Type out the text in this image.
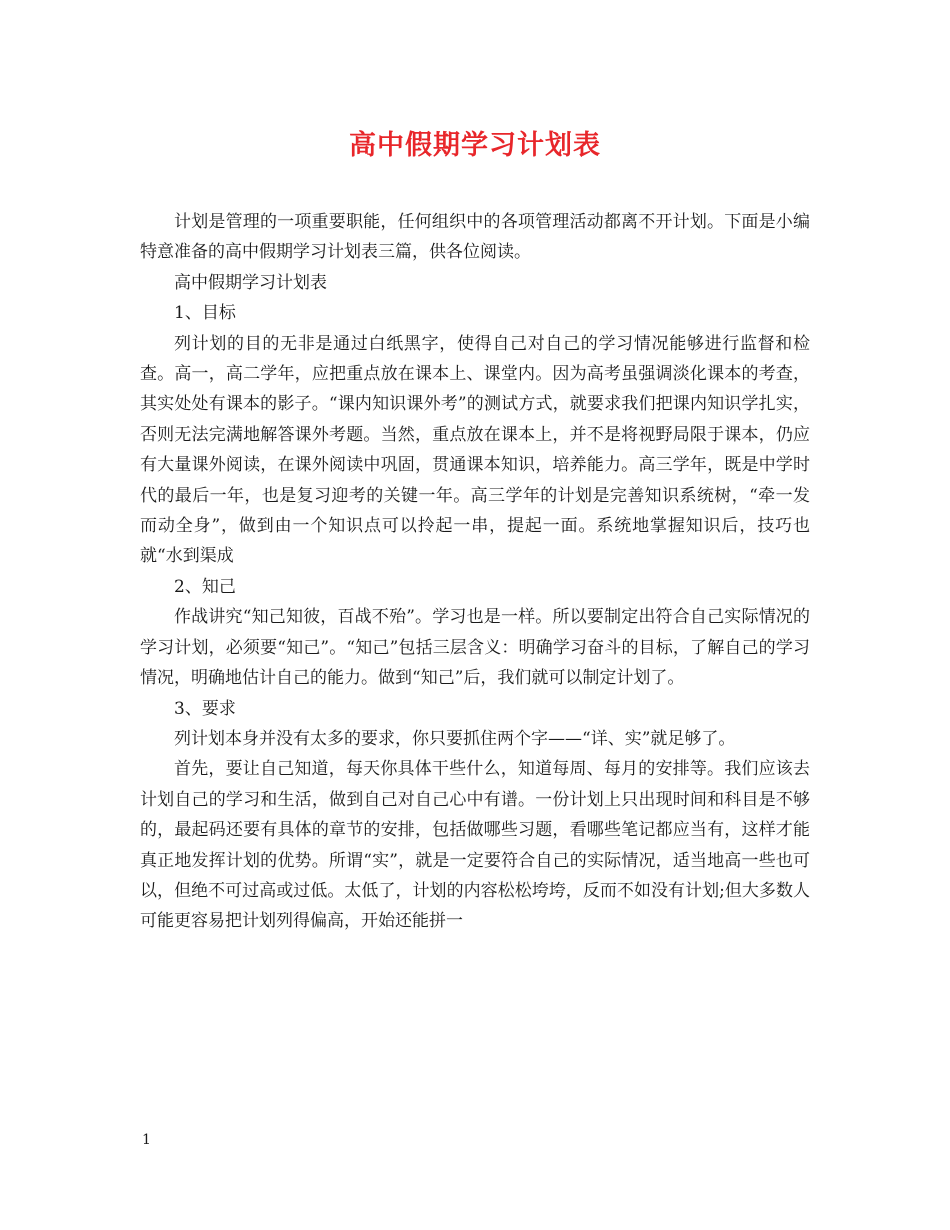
高中假期学习计划表

计划是管理的一项重要职能，任何组织中的各项管理活动都离不开计划。下面是小编特意准备的高中假期学习计划表三篇，供各位阅读。

高中假期学习计划表

1、目标

列计划的目的无非是通过白纸黑字，使得自己对自己的学习情况能够进行监督和检查。高一，高二学年，应把重点放在课本上、课堂内。因为高考虽强调淡化课本的考查，其实处处有课本的影子。“课内知识课外考”的测试方式，就要求我们把课内知识学扎实，否则无法完满地解答课外考题。当然，重点放在课本上，并不是将视野局限于课本，仍应有大量课外阅读，在课外阅读中巩固，贯通课本知识，培养能力。高三学年，既是中学时代的最后一年，也是复习迎考的关键一年。高三学年的计划是完善知识系统树，“牵一发而动全身”，做到由一个知识点可以拎起一串，提起一面。系统地掌握知识后，技巧也就“水到渠成

2、知己

作战讲究“知己知彼，百战不殆”。学习也是一样。所以要制定出符合自己实际情况的学习计划，必须要“知己”。“知己”包括三层含义：明确学习奋斗的目标，了解自己的学习情况，明确地估计自己的能力。做到“知己”后，我们就可以制定计划了。

3、要求

列计划本身并没有太多的要求，你只要抓住两个字——“详、实”就足够了。

首先，要让自己知道，每天你具体干些什么，知道每周、每月的安排等。我们应该去计划自己的学习和生活，做到自己对自己心中有谱。一份计划上只出现时间和科目是不够的，最起码还要有具体的章节的安排，包括做哪些习题，看哪些笔记都应当有，这样才能真正地发挥计划的优势。所谓“实”，就是一定要符合自己的实际情况，适当地高一些也可以，但绝不可过高或过低。太低了，计划的内容松松垮垮，反而不如没有计划;但大多数人可能更容易把计划列得偏高，开始还能拼一

1
